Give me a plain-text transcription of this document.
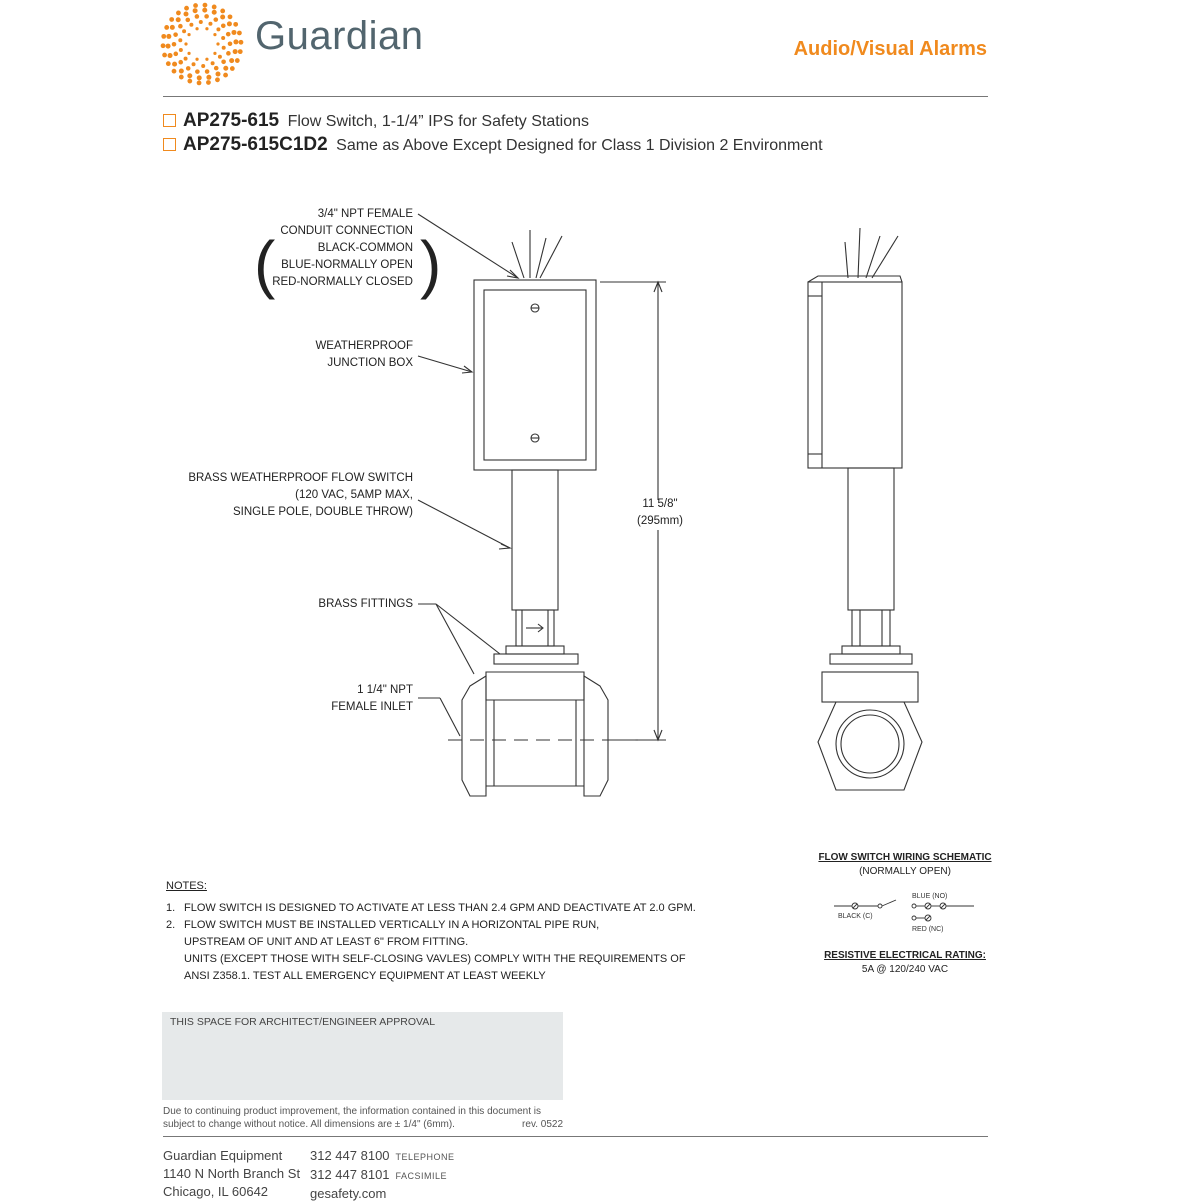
Guardian	Audio/Visual Alarms
AP275-615 Flow Switch, 1-1/4” IPS for Safety Stations
AP275-615C1D2 Same as Above Except Designed for Class 1 Division 2 Environment
( )
3/4" NPT FEMALE
CONDUIT CONNECTION
BLACK-COMMON
BLUE-NORMALLY OPEN
RED-NORMALLY CLOSED
WEATHERPROOF
JUNCTION BOX
BRASS WEATHERPROOF FLOW SWITCH
(120 VAC, 5AMP MAX,
SINGLE POLE, DOUBLE THROW)
BRASS FITTINGS
1 1/4" NPT
FEMALE INLET
11 5/8"
(295mm)
NOTES:
1. FLOW SWITCH IS DESIGNED TO ACTIVATE AT LESS THAN 2.4 GPM AND DEACTIVATE AT 2.0 GPM.
2. FLOW SWITCH MUST BE INSTALLED VERTICALLY IN A HORIZONTAL PIPE RUN,
UPSTREAM OF UNIT AND AT LEAST 6" FROM FITTING.
UNITS (EXCEPT THOSE WITH SELF-CLOSING VAVLES) COMPLY WITH THE REQUIREMENTS OF
ANSI Z358.1. TEST ALL EMERGENCY EQUIPMENT AT LEAST WEEKLY
FLOW SWITCH WIRING SCHEMATIC
(NORMALLY OPEN)
BLACK (C)
BLUE (NO)
RED (NC)
RESISTIVE ELECTRICAL RATING:
5A @ 120/240 VAC
THIS SPACE FOR ARCHITECT/ENGINEER APPROVAL
Due to continuing product improvement, the information contained in this document is subject to change without notice. All dimensions are ± 1/4" (6mm).	rev. 0522
Guardian Equipment
1140 N North Branch St
Chicago, IL 60642
312 447 8100 TELEPHONE
312 447 8101 FACSIMILE
gesafety.com
